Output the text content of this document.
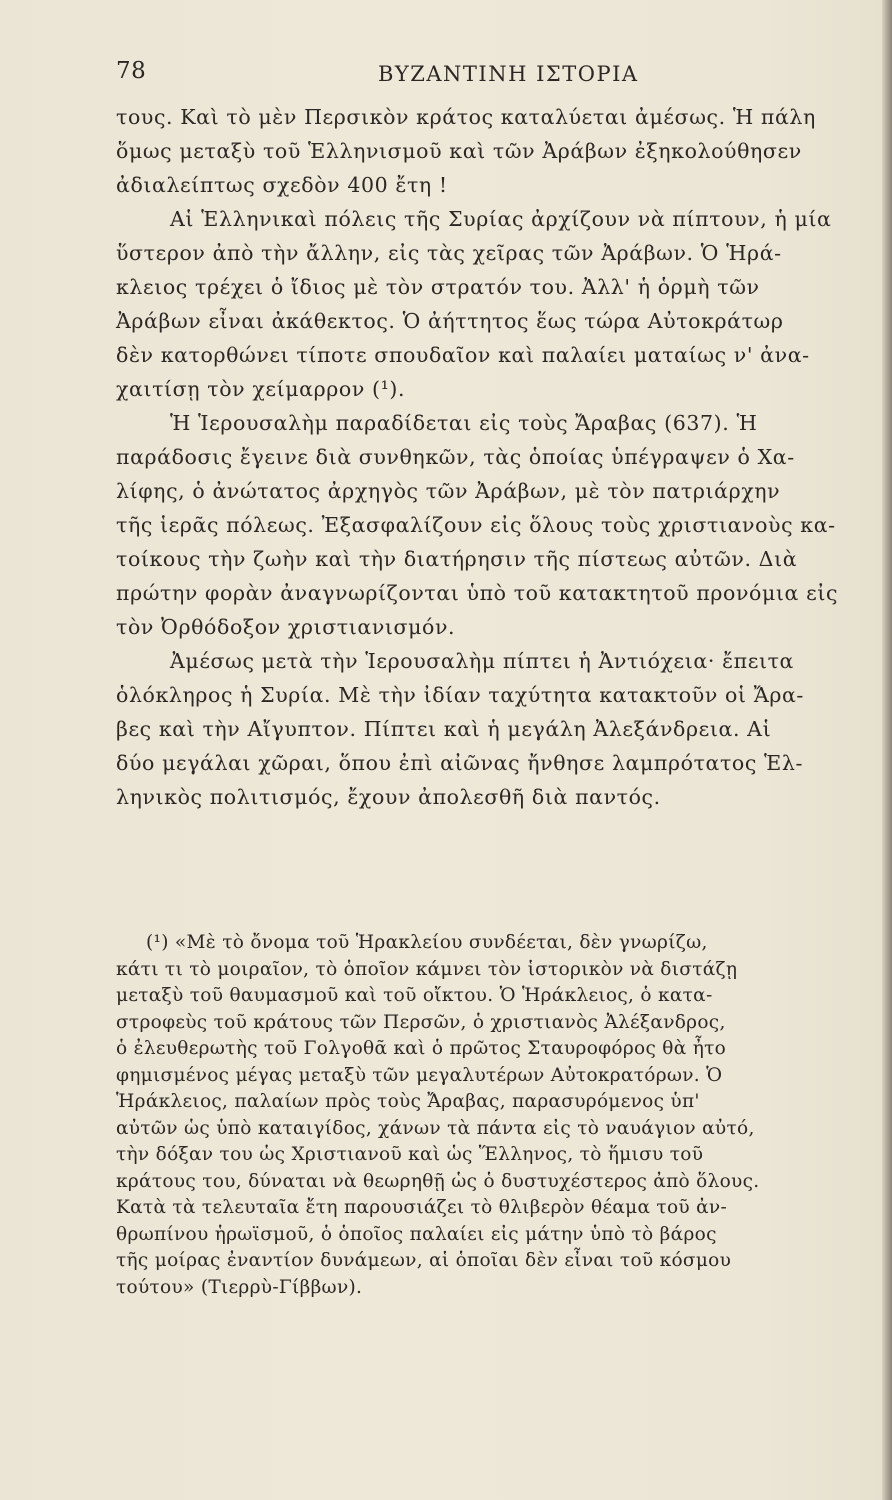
78	ΒΥΖΑΝΤΙΝΗ ΙΣΤΟΡΙΑ
τους. Καὶ τὸ μὲν Περσικὸν κράτος καταλύεται ἀμέσως. Ἡ πάλη
ὅμως μεταξὺ τοῦ Ἑλληνισμοῦ καὶ τῶν Ἀράβων ἐξηκολούθησεν
ἀδιαλείπτως σχεδὸν 400 ἔτη !
Αἱ Ἑλληνικαὶ πόλεις τῆς Συρίας ἀρχίζουν νὰ πίπτουν, ἡ μία
ὕστερον ἀπὸ τὴν ἄλλην, εἰς τὰς χεῖρας τῶν Ἀράβων. Ὁ Ἡρά-
κλειος τρέχει ὁ ἴδιος μὲ τὸν στρατόν του. Ἀλλ' ἡ ὁρμὴ τῶν
Ἀράβων εἶναι ἀκάθεκτος. Ὁ ἀήττητος ἕως τώρα Αὐτοκράτωρ
δὲν κατορθώνει τίποτε σπουδαῖον καὶ παλαίει ματαίως ν' ἀνα-
χαιτίσῃ τὸν χείμαρρον (¹).
Ἡ Ἱερουσαλὴμ παραδίδεται εἰς τοὺς Ἄραβας (637). Ἡ
παράδοσις ἔγεινε διὰ συνθηκῶν, τὰς ὁποίας ὑπέγραψεν ὁ Χα-
λίφης, ὁ ἀνώτατος ἀρχηγὸς τῶν Ἀράβων, μὲ τὸν πατριάρχην
τῆς ἱερᾶς πόλεως. Ἐξασφαλίζουν εἰς ὅλους τοὺς χριστιανοὺς κα-
τοίκους τὴν ζωὴν καὶ τὴν διατήρησιν τῆς πίστεως αὐτῶν. Διὰ
πρώτην φορὰν ἀναγνωρίζονται ὑπὸ τοῦ κατακτητοῦ προνόμια εἰς
τὸν Ὀρθόδοξον χριστιανισμόν.
Ἀμέσως μετὰ τὴν Ἱερουσαλὴμ πίπτει ἡ Ἀντιόχεια· ἔπειτα
ὁλόκληρος ἡ Συρία. Μὲ τὴν ἰδίαν ταχύτητα κατακτοῦν οἱ Ἄρα-
βες καὶ τὴν Αἴγυπτον. Πίπτει καὶ ἡ μεγάλη Ἀλεξάνδρεια. Αἱ
δύο μεγάλαι χῶραι, ὅπου ἐπὶ αἰῶνας ἤνθησε λαμπρότατος Ἑλ-
ληνικὸς πολιτισμός, ἔχουν ἀπολεσθῆ διὰ παντός.
(¹) «Μὲ τὸ ὄνομα τοῦ Ἡρακλείου συνδέεται, δὲν γνωρίζω,
κάτι τι τὸ μοιραῖον, τὸ ὁποῖον κάμνει τὸν ἱστορικὸν νὰ διστάζῃ
μεταξὺ τοῦ θαυμασμοῦ καὶ τοῦ οἴκτου. Ὁ Ἡράκλειος, ὁ κατα-
στροφεὺς τοῦ κράτους τῶν Περσῶν, ὁ χριστιανὸς Ἀλέξανδρος,
ὁ ἐλευθερωτὴς τοῦ Γολγοθᾶ καὶ ὁ πρῶτος Σταυροφόρος θὰ ἦτο
φημισμένος μέγας μεταξὺ τῶν μεγαλυτέρων Αὐτοκρατόρων. Ὁ
Ἡράκλειος, παλαίων πρὸς τοὺς Ἄραβας, παρασυρόμενος ὑπ'
αὐτῶν ὡς ὑπὸ καταιγίδος, χάνων τὰ πάντα εἰς τὸ ναυάγιον αὐτό,
τὴν δόξαν του ὡς Χριστιανοῦ καὶ ὡς Ἕλληνος, τὸ ἥμισυ τοῦ
κράτους του, δύναται νὰ θεωρηθῇ ὡς ὁ δυστυχέστερος ἀπὸ ὅλους.
Κατὰ τὰ τελευταῖα ἔτη παρουσιάζει τὸ θλιβερὸν θέαμα τοῦ ἀν-
θρωπίνου ἡρωϊσμοῦ, ὁ ὁποῖος παλαίει εἰς μάτην ὑπὸ τὸ βάρος
τῆς μοίρας ἐναντίον δυνάμεων, αἱ ὁποῖαι δὲν εἶναι τοῦ κόσμου
τούτου» (Τιερρὺ-Γίββων).
